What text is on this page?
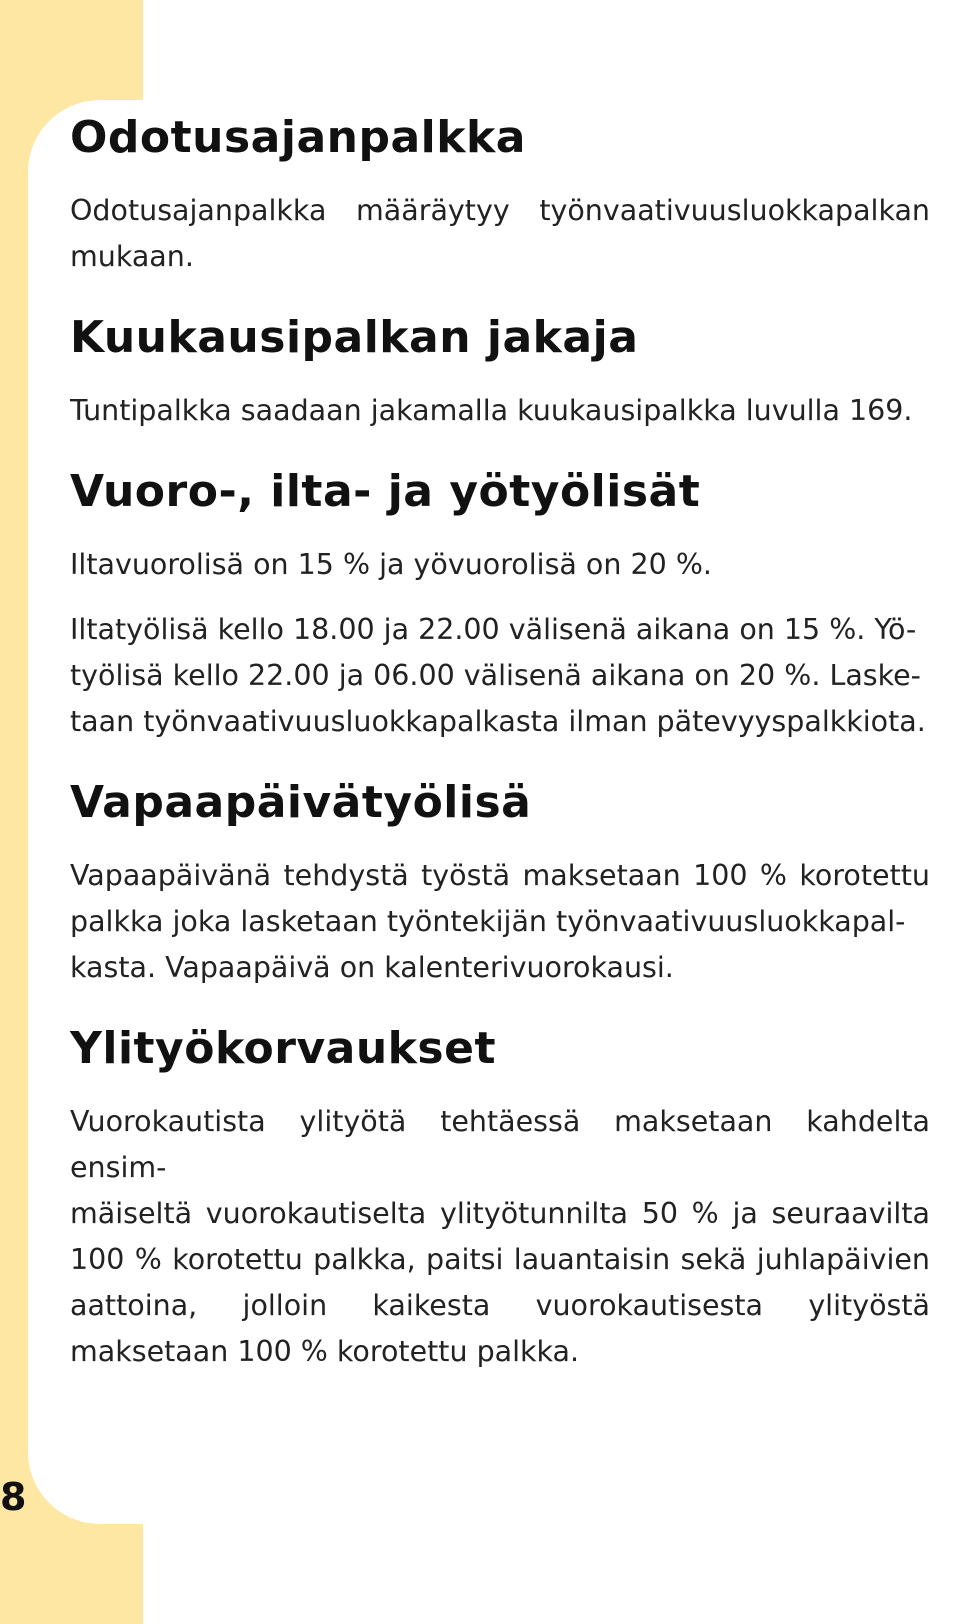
Odotusajanpalkka

Odotusajanpalkka määräytyy työnvaativuusluokkapalkan mukaan.

Kuukausipalkan jakaja

Tuntipalkka saadaan jakamalla kuukausipalkka luvulla 169.

Vuoro-, ilta- ja yötyölisät

Iltavuorolisä on 15 % ja yövuorolisä on 20 %.

Iltatyölisä kello 18.00 ja 22.00 välisenä aikana on 15 %. Yö-
työlisä kello 22.00 ja 06.00 välisenä aikana on 20 %. Laske-
taan työnvaativuusluokkapalkasta ilman pätevyyspalkkiota.

Vapaapäivätyölisä

Vapaapäivänä tehdystä työstä maksetaan 100 % korotettu palkka joka lasketaan työntekijän työnvaativuusluokkapal-
kasta. Vapaapäivä on kalenterivuorokausi.

Ylityökorvaukset

Vuorokautista ylityötä tehtäessä maksetaan kahdelta ensim-
mäiseltä vuorokautiselta ylityötunnilta 50 % ja seuraavilta 100 % korotettu palkka, paitsi lauantaisin sekä juhlapäivien aattoina, jolloin kaikesta vuorokautisesta ylityöstä maksetaan 100 % korotettu palkka.

8
